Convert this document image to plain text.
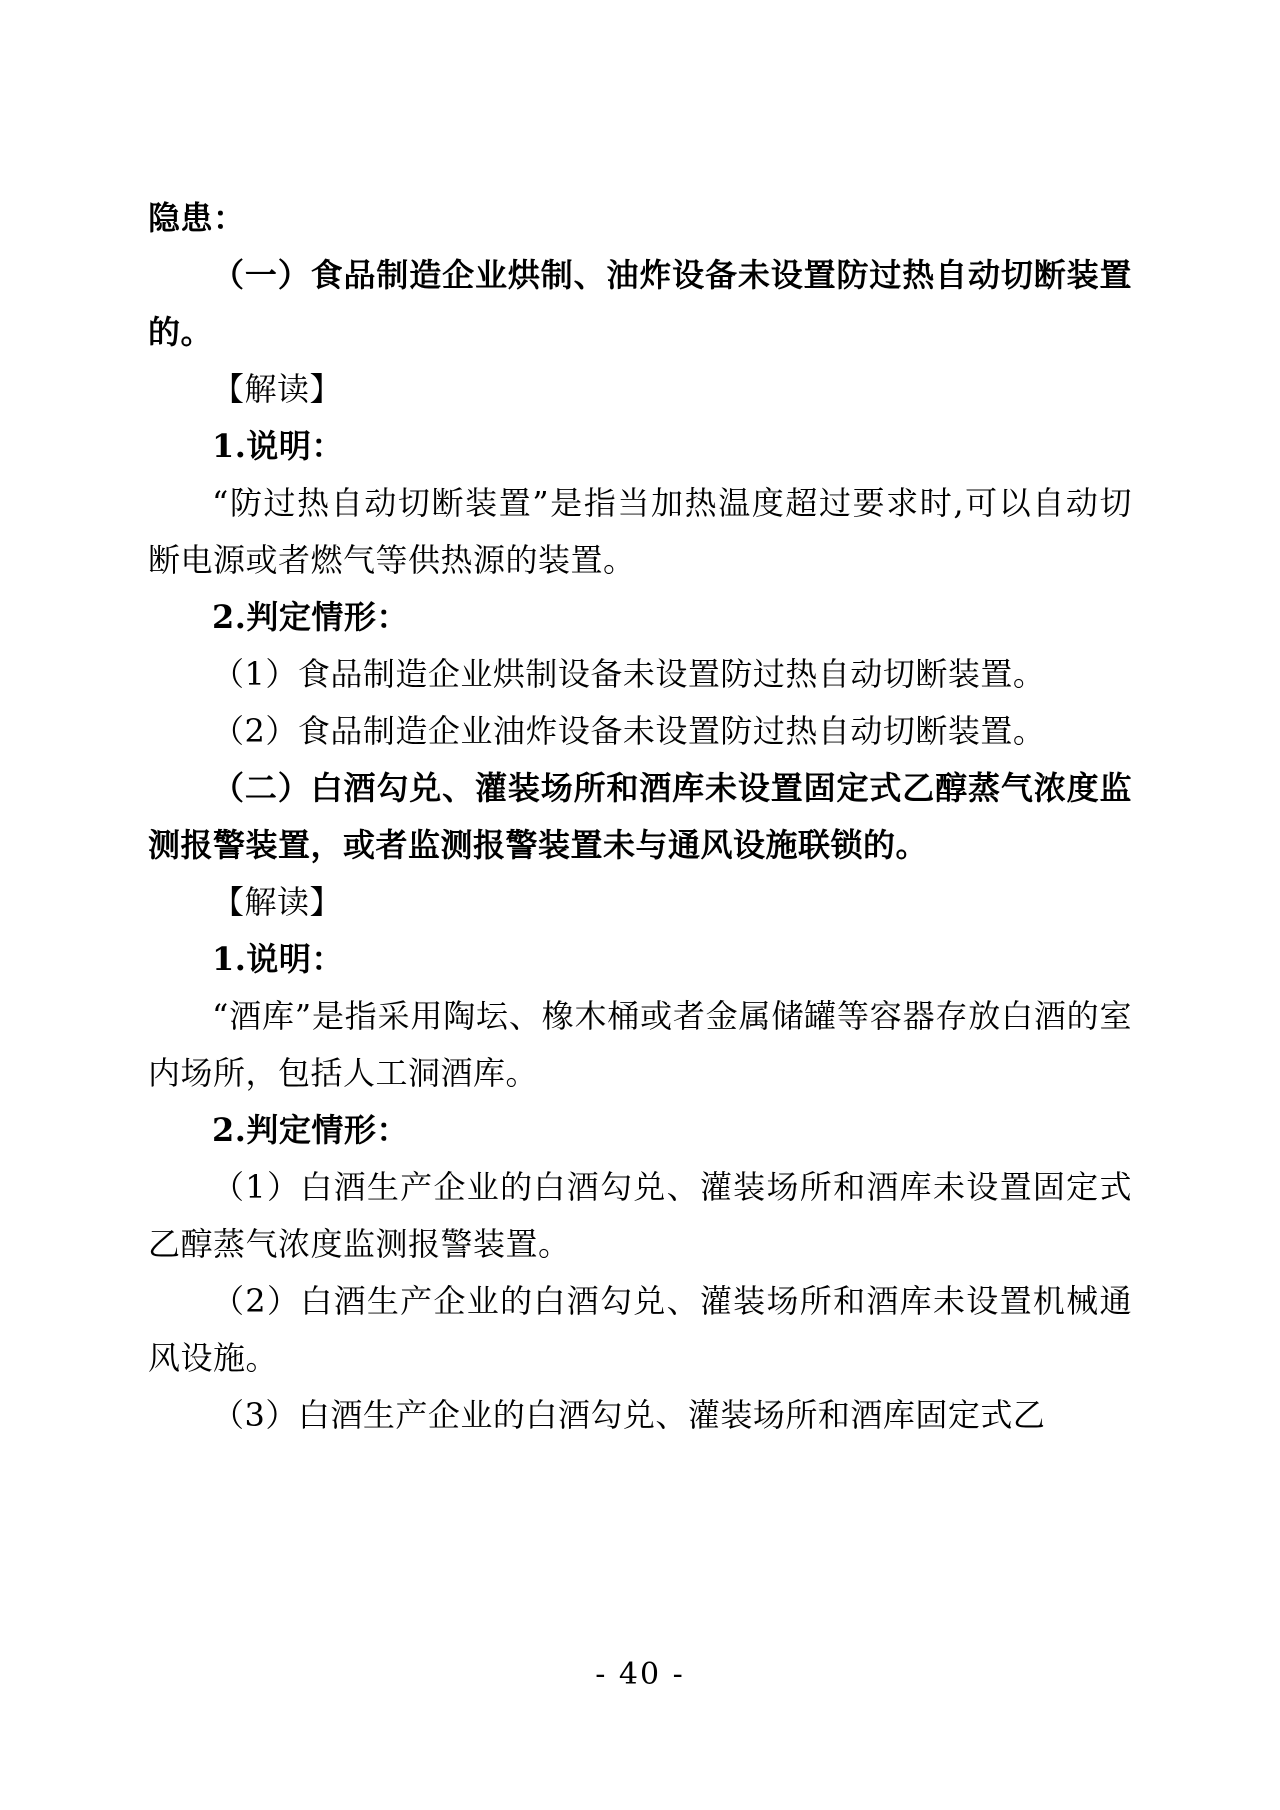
隐患：

（一）食品制造企业烘制、油炸设备未设置防过热自动切断装置的。

【解读】

1.说明：

“防过热自动切断装置”是指当加热温度超过要求时,可以自动切断电源或者燃气等供热源的装置。

2.判定情形：

（1）食品制造企业烘制设备未设置防过热自动切断装置。

（2）食品制造企业油炸设备未设置防过热自动切断装置。

（二）白酒勾兑、灌装场所和酒库未设置固定式乙醇蒸气浓度监测报警装置，或者监测报警装置未与通风设施联锁的。

【解读】

1.说明：

“酒库”是指采用陶坛、橡木桶或者金属储罐等容器存放白酒的室内场所，包括人工洞酒库。

2.判定情形：

（1）白酒生产企业的白酒勾兑、灌装场所和酒库未设置固定式乙醇蒸气浓度监测报警装置。

（2）白酒生产企业的白酒勾兑、灌装场所和酒库未设置机械通风设施。

（3）白酒生产企业的白酒勾兑、灌装场所和酒库固定式乙

- 40 -
